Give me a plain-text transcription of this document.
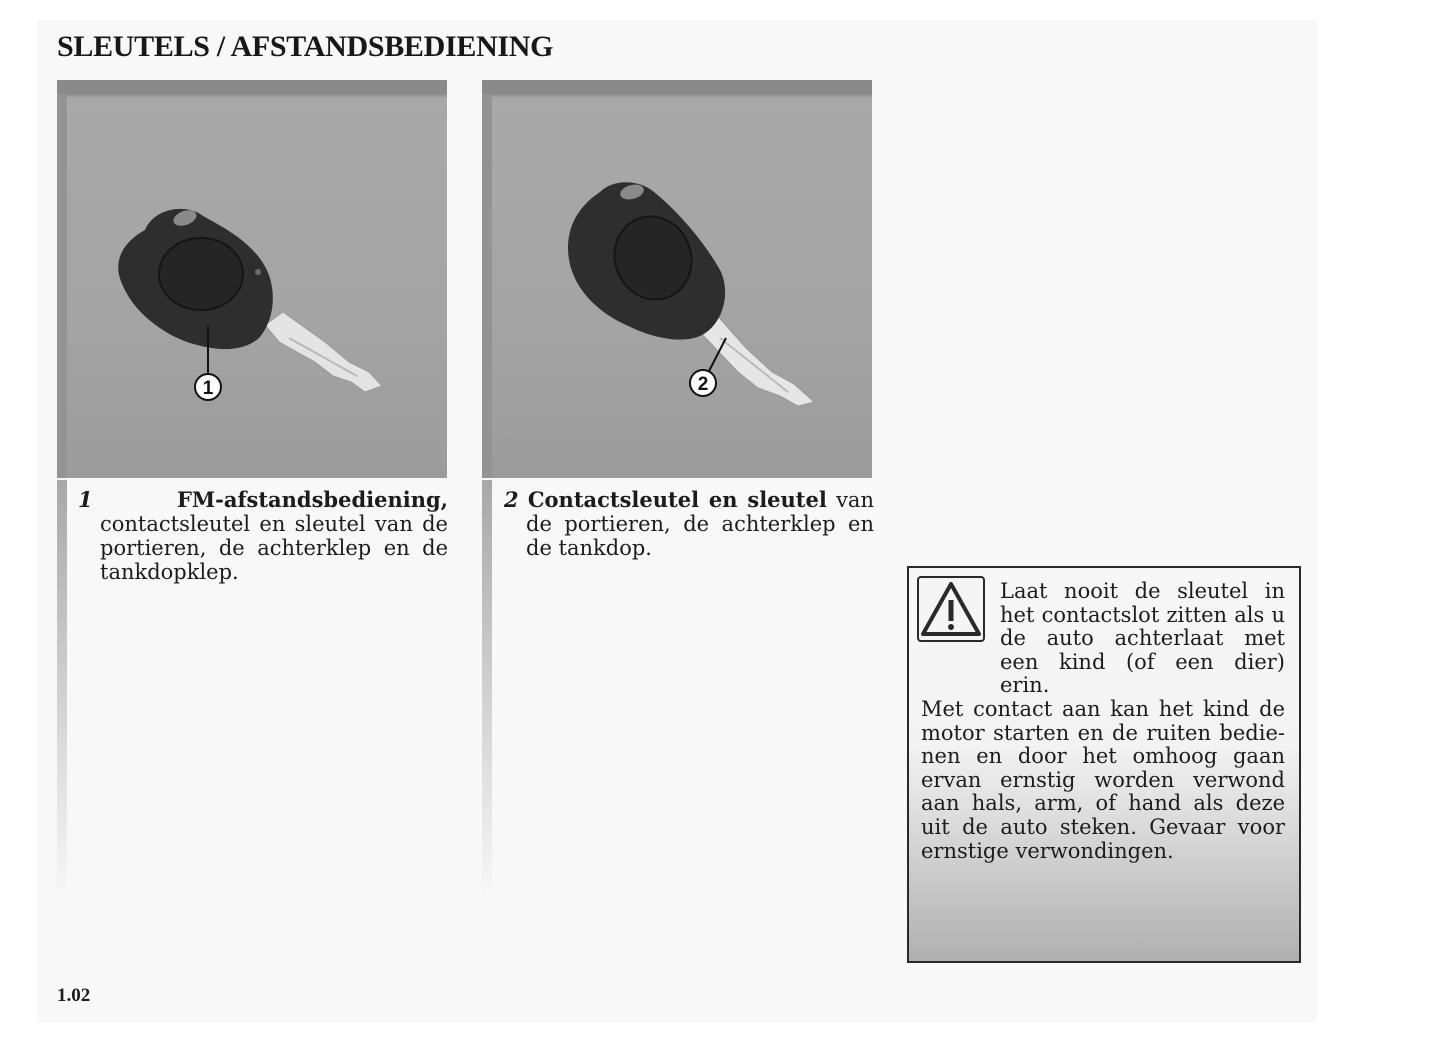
SLEUTELS / AFSTANDSBEDIENING
1	2
1	FM-afstandsbediening, contactsleutel en sleutel van de portieren, de achterklep en de tankdopklep.
2 Contactsleutel en sleutel van de portieren, de achterklep en de tankdop.
Laat nooit de sleutel in het contactslot zitten als u de auto achterlaat met een kind (of een dier) erin.
Met contact aan kan het kind de motor starten en de ruiten bedienen en door het omhoog gaan ervan ernstig worden verwond aan hals, arm, of hand als deze uit de auto steken. Gevaar voor ernstige verwondingen.
1.02
